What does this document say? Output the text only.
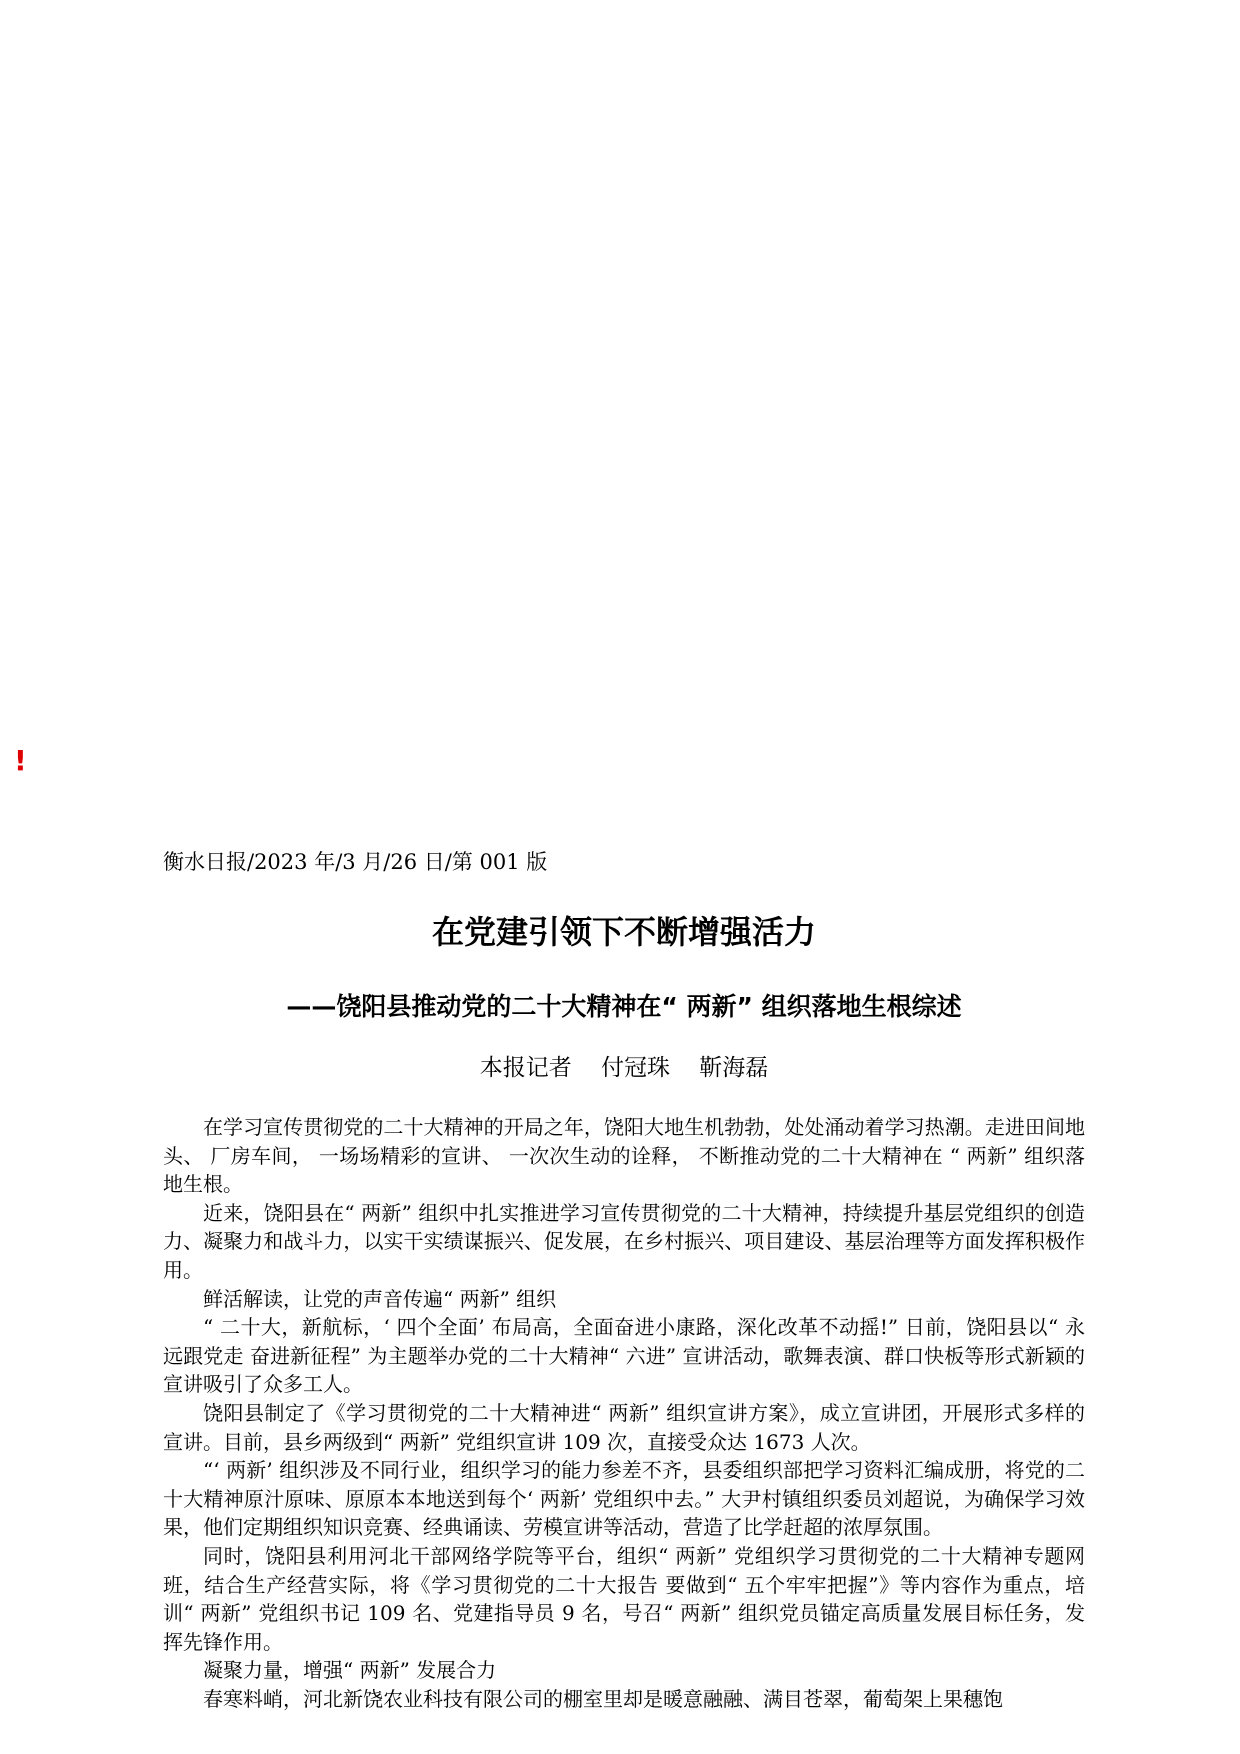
!
衡水日报/2023 年/3 月/26 日/第 001 版
在党建引领下不断增强活力
——饶阳县推动党的二十大精神在“ 两新” 组织落地生根综述
本报记者    付冠珠    靳海磊

在学习宣传贯彻党的二十大精神的开局之年，饶阳大地生机勃勃，处处涌动着学习热潮。走进田间地头、 厂房车间， 一场场精彩的宣讲、 一次次生动的诠释， 不断推动党的二十大精神在 “ 两新” 组织落地生根。

近来，饶阳县在“ 两新” 组织中扎实推进学习宣传贯彻党的二十大精神，持续提升基层党组织的创造力、凝聚力和战斗力，以实干实绩谋振兴、促发展，在乡村振兴、项目建设、基层治理等方面发挥积极作用。

鲜活解读，让党的声音传遍“ 两新” 组织

“ 二十大，新航标，‘ 四个全面’ 布局高，全面奋进小康路，深化改革不动摇!” 日前，饶阳县以“ 永远跟党走 奋进新征程” 为主题举办党的二十大精神“ 六进” 宣讲活动，歌舞表演、群口快板等形式新颖的宣讲吸引了众多工人。

饶阳县制定了《学习贯彻党的二十大精神进“ 两新” 组织宣讲方案》，成立宣讲团，开展形式多样的宣讲。目前，县乡两级到“ 两新” 党组织宣讲 109 次，直接受众达 1673 人次。

“‘ 两新’ 组织涉及不同行业，组织学习的能力参差不齐，县委组织部把学习资料汇编成册，将党的二十大精神原汁原味、原原本本地送到每个‘ 两新’ 党组织中去。” 大尹村镇组织委员刘超说，为确保学习效果，他们定期组织知识竞赛、经典诵读、劳模宣讲等活动，营造了比学赶超的浓厚氛围。

同时，饶阳县利用河北干部网络学院等平台，组织“ 两新” 党组织学习贯彻党的二十大精神专题网班，结合生产经营实际，将《学习贯彻党的二十大报告 要做到“ 五个牢牢把握”》等内容作为重点，培训“ 两新” 党组织书记 109 名、党建指导员 9 名，号召“ 两新” 组织党员锚定高质量发展目标任务，发挥先锋作用。

凝聚力量，增强“ 两新” 发展合力

春寒料峭，河北新饶农业科技有限公司的棚室里却是暖意融融、满目苍翠，葡萄架上果穗饱
